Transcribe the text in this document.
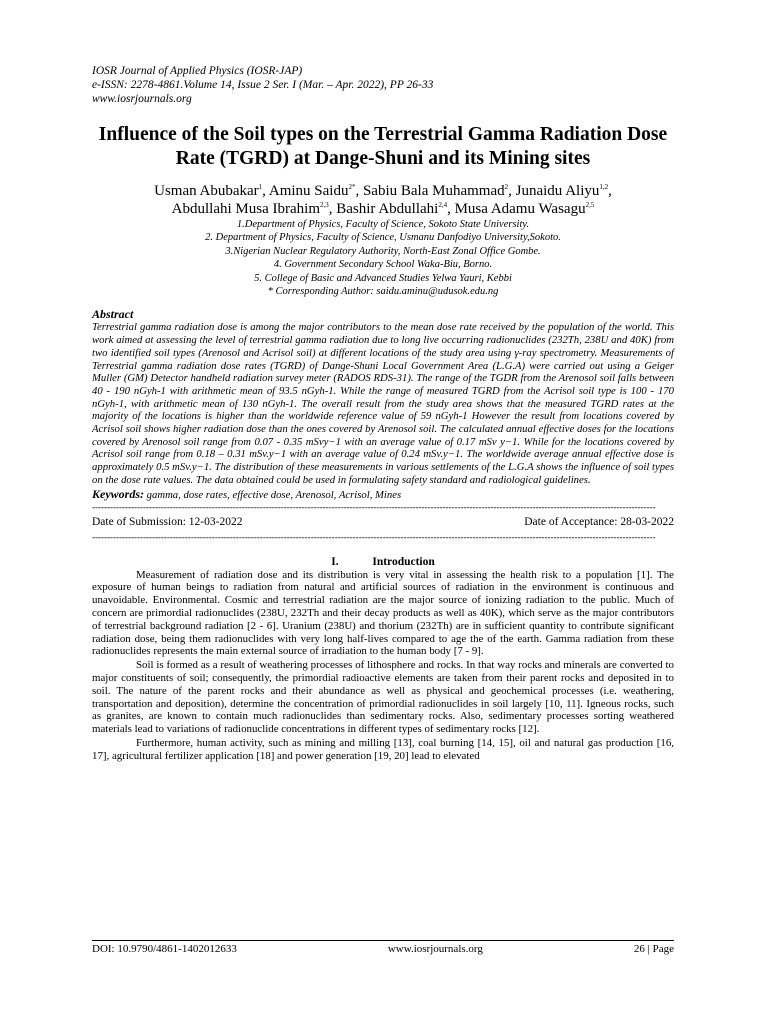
IOSR Journal of Applied Physics (IOSR-JAP)
e-ISSN: 2278-4861.Volume 14, Issue 2 Ser. I (Mar. – Apr. 2022), PP 26-33
www.iosrjournals.org
Influence of the Soil types on the Terrestrial Gamma Radiation Dose Rate (TGRD) at Dange-Shuni and its Mining sites
Usman Abubakar$^1$, Aminu Saidu$^{2*}$, Sabiu Bala Muhammad$^2$, Junaidu Aliyu$^{1,2}$,
Abdullahi Musa Ibrahim$^{2,3}$, Bashir Abdullahi$^{2,4}$, Musa Adamu Wasagu$^{2,5}$
1.Department of Physics, Faculty of Science, Sokoto State University.
2. Department of Physics, Faculty of Science, Usmanu Danfodiyo University,Sokoto.
3.Nigerian Nuclear Regulatory Authority, North-East Zonal Office Gombe.
4. Government Secondary School Waka-Biu, Borno.
5. College of Basic and Advanced Studies Yelwa Yauri, Kebbi
* Corresponding Author: saidu.aminu@udusok.edu.ng
Abstract
Terrestrial gamma radiation dose is among the major contributors to the mean dose rate received by the population of the world. This work aimed at assessing the level of terrestrial gamma radiation due to long live occurring radionuclides (232Th, 238U and 40K) from two identified soil types (Arenosol and Acrisol soil) at different locations of the study area using γ-ray spectrometry. Measurements of Terrestrial gamma radiation dose rates (TGRD) of Dange-Shuni Local Government Area (L.G.A) were carried out using a Geiger Muller (GM) Detector handheld radiation survey meter (RADOS RDS-31). The range of the TGDR from the Arenosol soil falls between 40 - 190 nGyh-1 with arithmetic mean of 93.5 nGyh-1. While the range of measured TGRD from the Acrisol soil type is 100 - 170 nGyh-1, with arithmetic mean of 130 nGyh-1. The overall result from the study area shows that the measured TGRD rates at the majority of the locations is higher than the worldwide reference value of 59 nGyh-1 However the result from locations covered by Acrisol soil shows higher radiation dose than the ones covered by Arenosol soil. The calculated annual effective doses for the locations covered by Arenosol soil range from 0.07 - 0.35 mSvy−1 with an average value of 0.17 mSv y−1. While for the locations covered by Acrisol soil range from 0.18 – 0.31 mSv.y−1 with an average value of 0.24 mSv.y−1. The worldwide average annual effective dose is approximately 0.5 mSv.y−1. The distribution of these measurements in various settlements of the L.G.A shows the influence of soil types on the dose rate values. The data obtained could be used in formulating safety standard and radiological guidelines.
Keywords: gamma, dose rates, effective dose, Arenosol, Acrisol, Mines
--------------------------------------------------------------------------------------------------------------------------------------------------------------------------------------------
Date of Submission: 12-03-2022	Date of Acceptance: 28-03-2022
--------------------------------------------------------------------------------------------------------------------------------------------------------------------------------------------
I.	Introduction

Measurement of radiation dose and its distribution is very vital in assessing the health risk to a population [1]. The exposure of human beings to radiation from natural and artificial sources of radiation in the environment is continuous and unavoidable. Environmental. Cosmic and terrestrial radiation are the major source of ionizing radiation to the public. Much of concern are primordial radionuclides (238U, 232Th and their decay products as well as 40K), which serve as the major contributors of terrestrial background radiation [2 - 6]. Uranium (238U) and thorium (232Th) are in sufficient quantity to contribute significant radiation dose, being them radionuclides with very long half-lives compared to age the of the earth. Gamma radiation from these radionuclides represents the main external source of irradiation to the human body [7 - 9].

Soil is formed as a result of weathering processes of lithosphere and rocks. In that way rocks and minerals are converted to major constituents of soil; consequently, the primordial radioactive elements are taken from their parent rocks and deposited in to soil. The nature of the parent rocks and their abundance as well as physical and geochemical processes (i.e. weathering, transportation and deposition), determine the concentration of primordial radionuclides in soil largely [10, 11]. Igneous rocks, such as granites, are known to contain much radionuclides than sedimentary rocks. Also, sedimentary processes sorting weathered materials lead to variations of radionuclide concentrations in different types of sedimentary rocks [12].

Furthermore, human activity, such as mining and milling [13], coal burning [14, 15], oil and natural gas production [16, 17], agricultural fertilizer application [18] and power generation [19, 20] lead to elevated

DOI: 10.9790/4861-1402012633	www.iosrjournals.org	26 | Page
